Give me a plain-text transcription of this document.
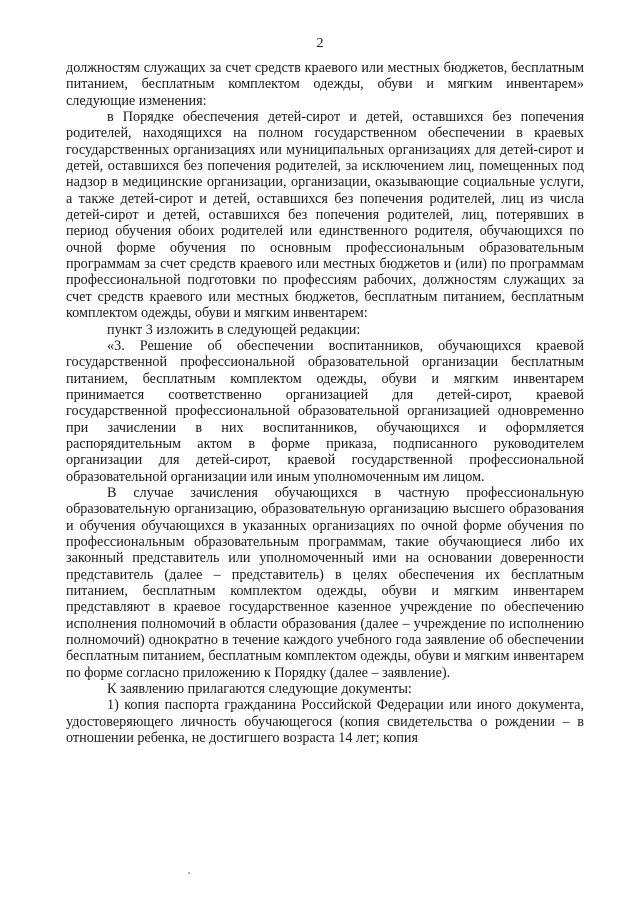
2

должностям служащих за счет средств краевого или местных бюджетов, бесплатным питанием, бесплатным комплектом одежды, обуви и мягким инвентарем» следующие изменения:

в Порядке обеспечения детей-сирот и детей, оставшихся без попечения родителей, находящихся на полном государственном обеспечении в краевых государственных организациях или муниципальных организациях для детей-сирот и детей, оставшихся без попечения родителей, за исключением лиц, помещенных под надзор в медицинские организации, организации, оказывающие социальные услуги, а также детей-сирот и детей, оставшихся без попечения родителей, лиц из числа детей-сирот и детей, оставшихся без попечения родителей, лиц, потерявших в период обучения обоих родителей или единственного родителя, обучающихся по очной форме обучения по основным профессиональным образовательным программам за счет средств краевого или местных бюджетов и (или) по программам профессиональной подготовки по профессиям рабочих, должностям служащих за счет средств краевого или местных бюджетов, бесплатным питанием, бесплатным комплектом одежды, обуви и мягким инвентарем:

пункт 3 изложить в следующей редакции:

«3. Решение об обеспечении воспитанников, обучающихся краевой государственной профессиональной образовательной организации бесплатным питанием, бесплатным комплектом одежды, обуви и мягким инвентарем принимается соответственно организацией для детей-сирот, краевой государственной профессиональной образовательной организацией одновременно при зачислении в них воспитанников, обучающихся и оформляется распорядительным актом в форме приказа, подписанного руководителем организации для детей-сирот, краевой государственной профессиональной образовательной организации или иным уполномоченным им лицом.

В случае зачисления обучающихся в частную профессиональную образовательную организацию, образовательную организацию высшего образования и обучения обучающихся в указанных организациях по очной форме обучения по профессиональным образовательным программам, такие обучающиеся либо их законный представитель или уполномоченный ими на основании доверенности представитель (далее – представитель) в целях обеспечения их бесплатным питанием, бесплатным комплектом одежды, обуви и мягким инвентарем представляют в краевое государственное казенное учреждение по обеспечению исполнения полномочий в области образования (далее – учреждение по исполнению полномочий) однократно в течение каждого учебного года заявление об обеспечении бесплатным питанием, бесплатным комплектом одежды, обуви и мягким инвентарем по форме согласно приложению к Порядку (далее – заявление).

К заявлению прилагаются следующие документы:

1) копия паспорта гражданина Российской Федерации или иного документа, удостоверяющего личность обучающегося (копия свидетельства о рождении – в отношении ребенка, не достигшего возраста 14 лет; копия
